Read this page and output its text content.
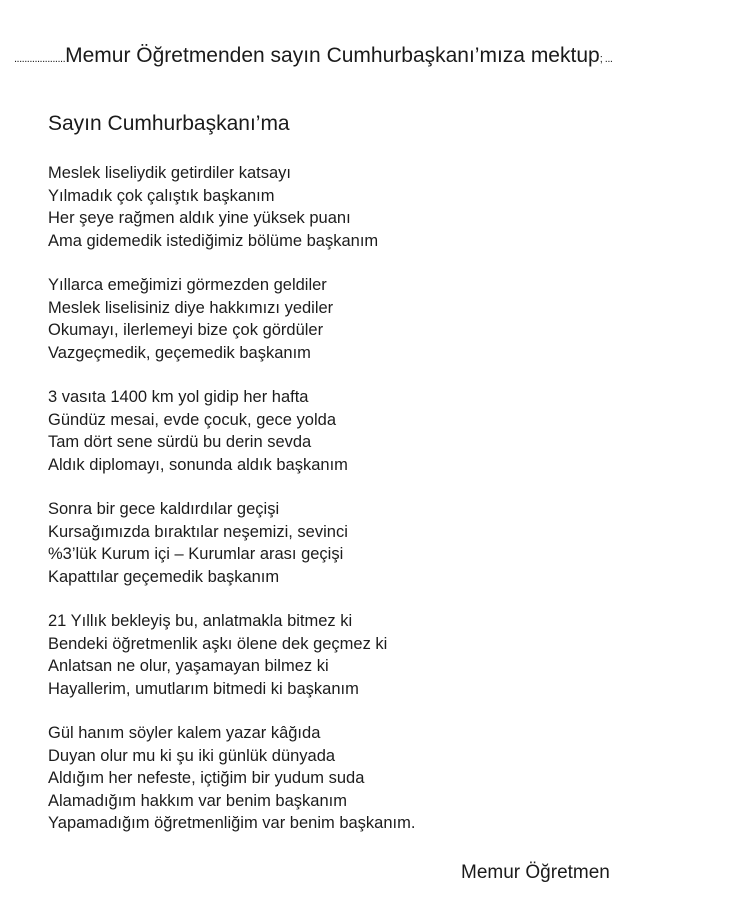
....................Memur Öğretmenden sayın Cumhurbaşkanı’mıza mektup; ...
Sayın Cumhurbaşkanı’ma
Meslek liseliydik getirdiler katsayı
Yılmadık çok çalıştık başkanım
Her şeye rağmen aldık yine yüksek puanı
Ama gidemedik istediğimiz bölüme başkanım
Yıllarca emeğimizi görmezden geldiler
Meslek liselisiniz diye hakkımızı yediler
Okumayı, ilerlemeyi bize çok gördüler
Vazgeçmedik, geçemedik başkanım
3 vasıta 1400 km yol gidip her hafta
Gündüz mesai, evde çocuk, gece yolda
Tam dört sene sürdü bu derin sevda
Aldık diplomayı, sonunda aldık başkanım
Sonra bir gece kaldırdılar geçişi
Kursağımızda bıraktılar neşemizi, sevinci
%3’lük Kurum içi – Kurumlar arası geçişi
Kapattılar geçemedik başkanım
21 Yıllık bekleyiş bu, anlatmakla bitmez ki
Bendeki öğretmenlik aşkı ölene dek geçmez ki
Anlatsan ne olur, yaşamayan bilmez ki
Hayallerim, umutlarım bitmedi ki başkanım
Gül hanım söyler kalem yazar kâğıda
Duyan olur mu ki şu iki günlük dünyada
Aldığım her nefeste, içtiğim bir yudum suda
Alamadığım hakkım var benim başkanım
Yapamadığım öğretmenliğim var benim başkanım.
Memur Öğretmen
